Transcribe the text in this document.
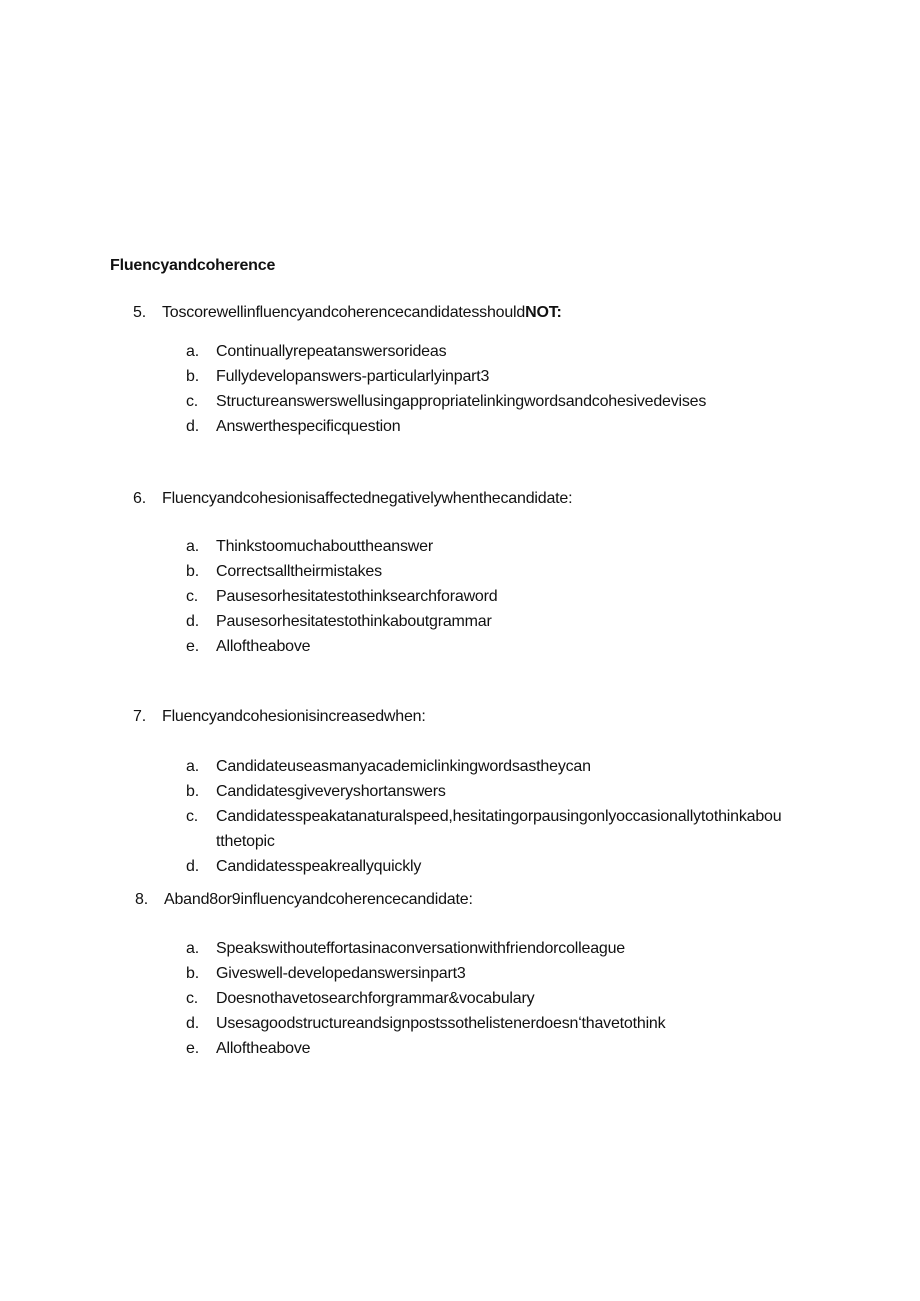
Fluencyandcoherence
5. ToscorewellinfluencyandcoherencecandidatesshouldNOT:
a.	Continuallyrepeatanswersorideas
b.	Fullydevelopanswers-particularlyinpart3
c.	Structureanswerswellusingappropriatelinkingwordsandcohesivedevises
d.	Answerthespecificquestion
6. Fluencyandcohesionisaffectednegativelywhenthecandidate:
a.	Thinkstoomuchabouttheanswer
b.	Correctsalltheirmistakes
c.	Pausesorhesitatestothinksearchforaword
d.	Pausesorhesitatestothinkaboutgrammar
e.	Alloftheabove
7. Fluencyandcohesionisincreasedwhen:
a.	Candidateuseasmanyacademiclinkingwordsastheycan
b.	Candidatesgiveveryshortanswers
c.	Candidatesspeakatanaturalspeed,hesitatingorpausingonlyoccasionallytothinkaboutthetopic
d.	Candidatesspeakreallyquickly
8. Aband8or9influencyandcoherencecandidate:
a.	Speakswithouteffortasinaconversationwithfriendorcolleague
b.	Giveswell-developedanswersinpart3
c.	Doesnothavetosearchforgrammar&vocabulary
d.	Usesagoodstructureandsignpostssothelistenerdoesnʻthavetothink
e.	Alloftheabove
